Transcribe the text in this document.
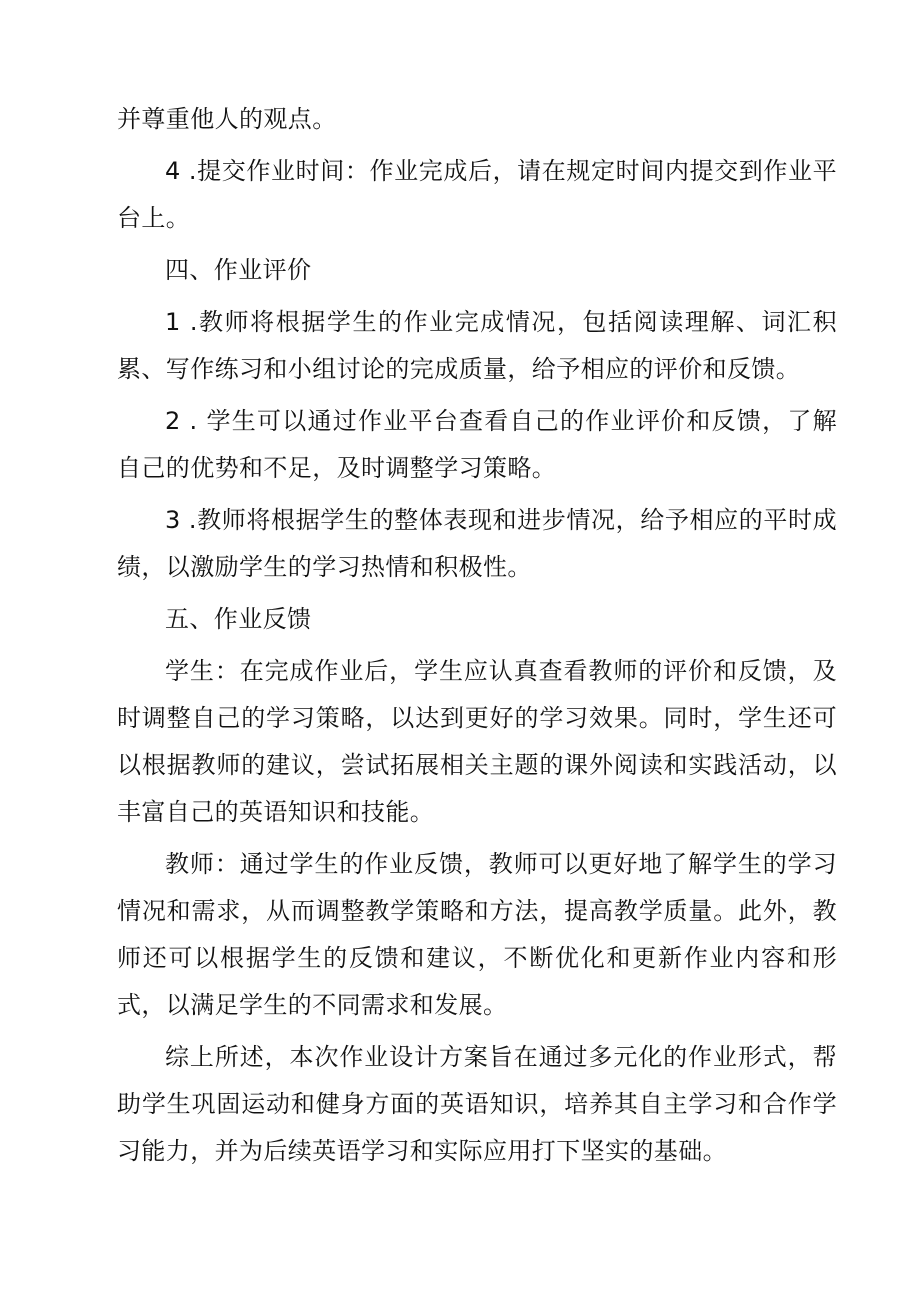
并尊重他人的观点。

4 .提交作业时间：作业完成后，请在规定时间内提交到作业平台上。

四、作业评价

1 .教师将根据学生的作业完成情况，包括阅读理解、词汇积累、写作练习和小组讨论的完成质量，给予相应的评价和反馈。

2 . 学生可以通过作业平台查看自己的作业评价和反馈，了解自己的优势和不足，及时调整学习策略。

3 .教师将根据学生的整体表现和进步情况，给予相应的平时成绩，以激励学生的学习热情和积极性。

五、作业反馈

学生：在完成作业后，学生应认真查看教师的评价和反馈，及时调整自己的学习策略，以达到更好的学习效果。同时，学生还可以根据教师的建议，尝试拓展相关主题的课外阅读和实践活动，以丰富自己的英语知识和技能。

教师：通过学生的作业反馈，教师可以更好地了解学生的学习情况和需求，从而调整教学策略和方法，提高教学质量。此外，教师还可以根据学生的反馈和建议，不断优化和更新作业内容和形式，以满足学生的不同需求和发展。

综上所述，本次作业设计方案旨在通过多元化的作业形式，帮助学生巩固运动和健身方面的英语知识，培养其自主学习和合作学习能力，并为后续英语学习和实际应用打下坚实的基础。
